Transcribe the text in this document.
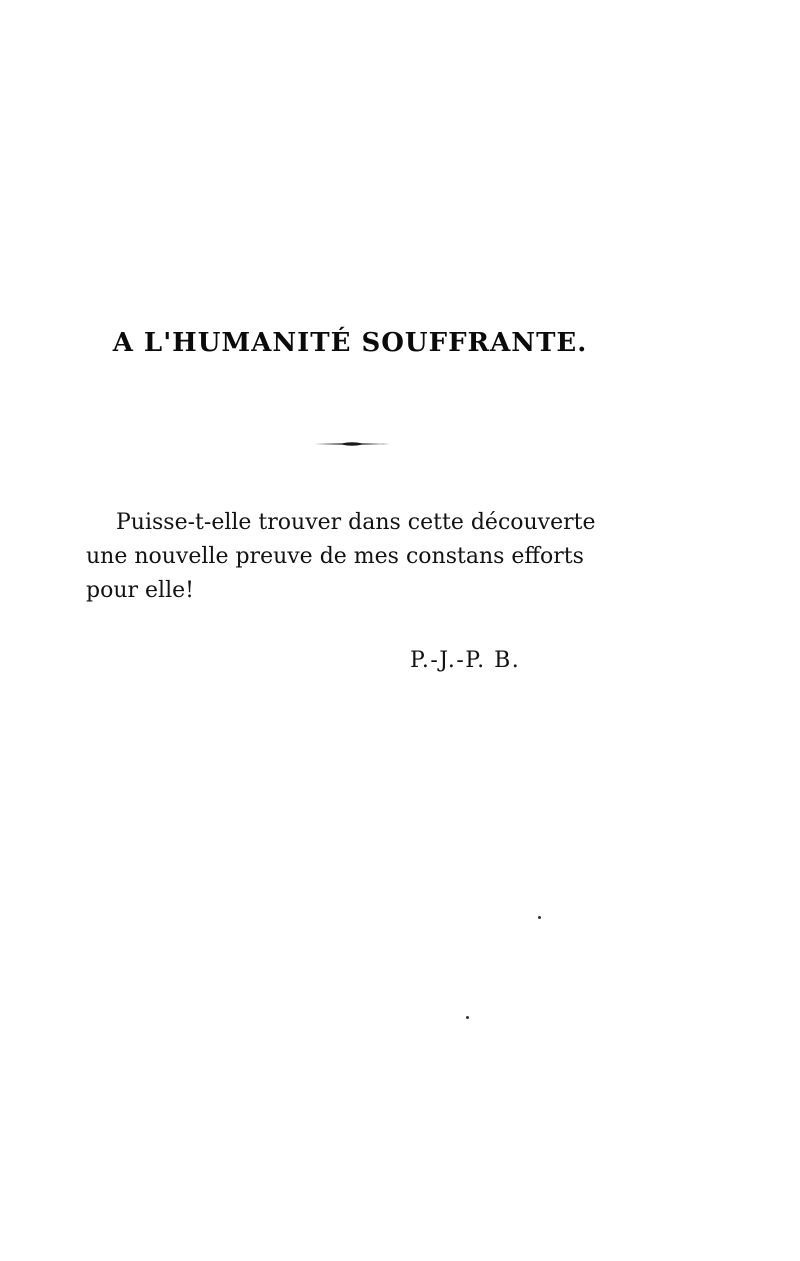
A L'HUMANITÉ SOUFFRANTE.
Puisse-t-elle trouver dans cette découverte
une nouvelle preuve de mes constans efforts
pour elle!
P.-J.-P. B.
